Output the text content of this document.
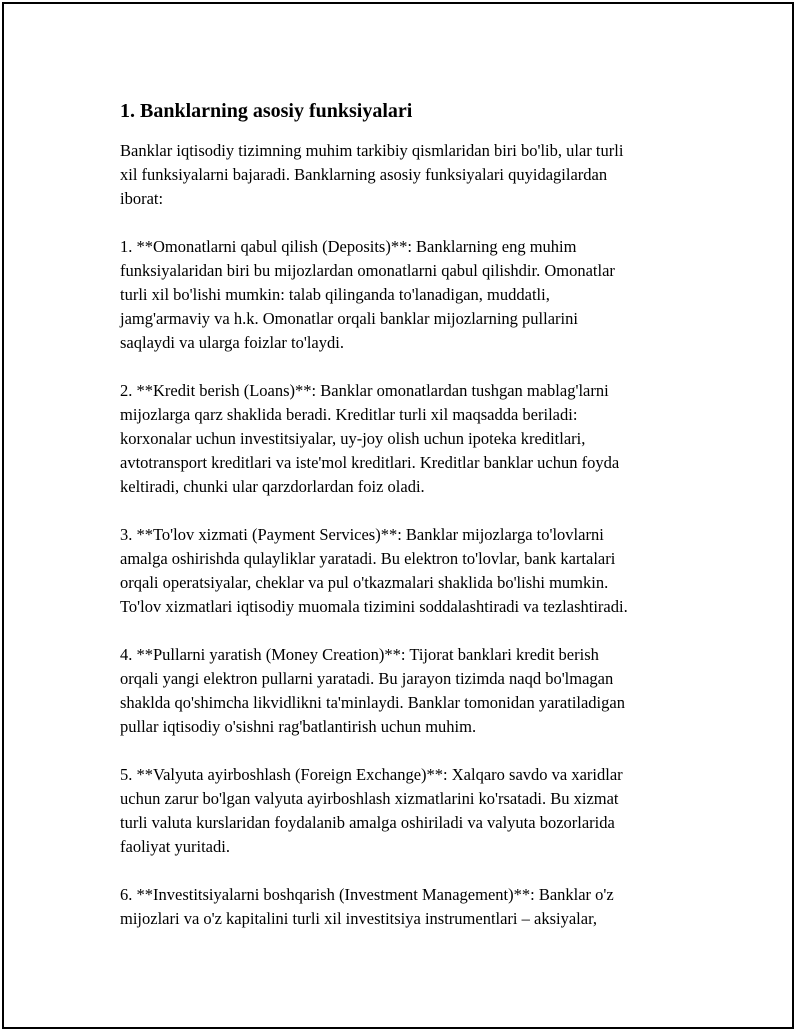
1. Banklarning asosiy funksiyalari

Banklar iqtisodiy tizimning muhim tarkibiy qismlaridan biri bo'lib, ular turli
xil funksiyalarni bajaradi. Banklarning asosiy funksiyalari quyidagilardan
iborat:

1. **Omonatlarni qabul qilish (Deposits)**: Banklarning eng muhim
funksiyalaridan biri bu mijozlardan omonatlarni qabul qilishdir. Omonatlar
turli xil bo'lishi mumkin: talab qilinganda to'lanadigan, muddatli,
jamg'armaviy va h.k. Omonatlar orqali banklar mijozlarning pullarini
saqlaydi va ularga foizlar to'laydi.

2. **Kredit berish (Loans)**: Banklar omonatlardan tushgan mablag'larni
mijozlarga qarz shaklida beradi. Kreditlar turli xil maqsadda beriladi:
korxonalar uchun investitsiyalar, uy-joy olish uchun ipoteka kreditlari,
avtotransport kreditlari va iste'mol kreditlari. Kreditlar banklar uchun foyda
keltiradi, chunki ular qarzdorlardan foiz oladi.

3. **To'lov xizmati (Payment Services)**: Banklar mijozlarga to'lovlarni
amalga oshirishda qulayliklar yaratadi. Bu elektron to'lovlar, bank kartalari
orqali operatsiyalar, cheklar va pul o'tkazmalari shaklida bo'lishi mumkin.
To'lov xizmatlari iqtisodiy muomala tizimini soddalashtiradi va tezlashtiradi.

4. **Pullarni yaratish (Money Creation)**: Tijorat banklari kredit berish
orqali yangi elektron pullarni yaratadi. Bu jarayon tizimda naqd bo'lmagan
shaklda qo'shimcha likvidlikni ta'minlaydi. Banklar tomonidan yaratiladigan
pullar iqtisodiy o'sishni rag'batlantirish uchun muhim.

5. **Valyuta ayirboshlash (Foreign Exchange)**: Xalqaro savdo va xaridlar
uchun zarur bo'lgan valyuta ayirboshlash xizmatlarini ko'rsatadi. Bu xizmat
turli valuta kurslaridan foydalanib amalga oshiriladi va valyuta bozorlarida
faoliyat yuritadi.

6. **Investitsiyalarni boshqarish (Investment Management)**: Banklar o'z
mijozlari va o'z kapitalini turli xil investitsiya instrumentlari – aksiyalar,
